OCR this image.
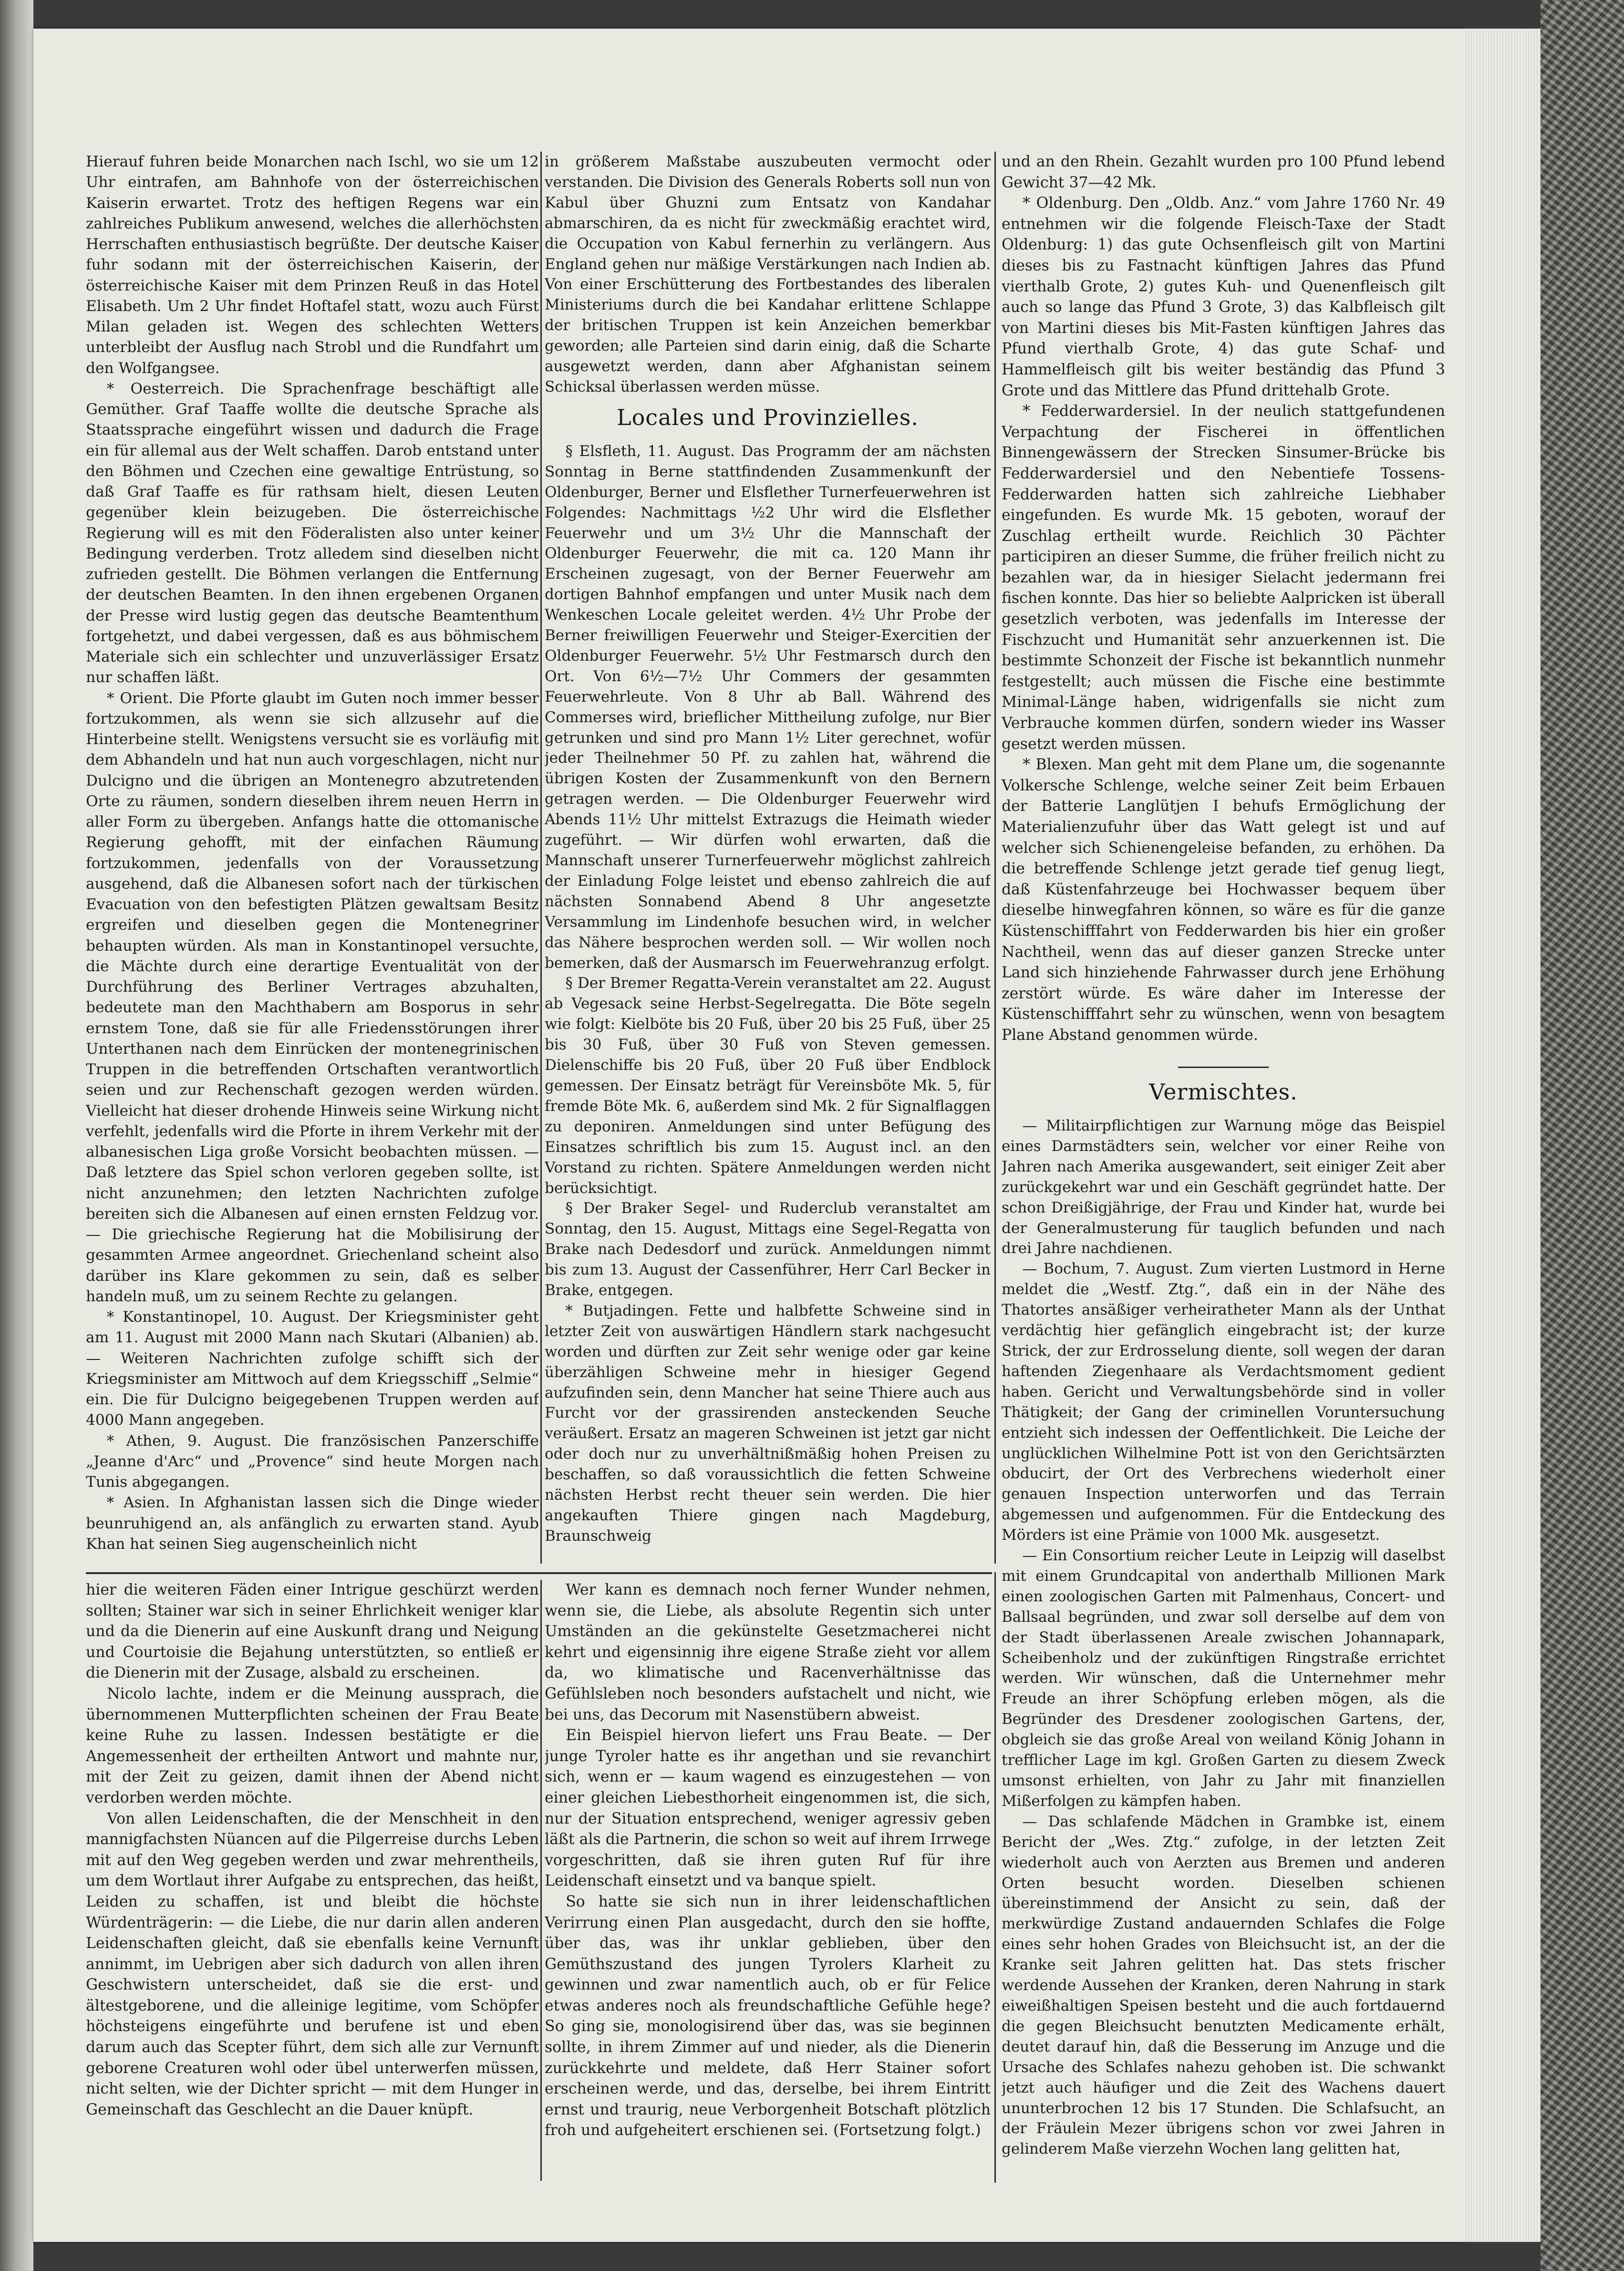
Hierauf fuhren beide Monarchen nach Ischl, wo sie um 12 Uhr eintrafen, am Bahnhofe von der österreichischen Kaiserin erwartet. Trotz des heftigen Regens war ein zahlreiches Publikum anwesend, welches die allerhöchsten Herrschaften enthusiastisch begrüßte. Der deutsche Kaiser fuhr sodann mit der österreichischen Kaiserin, der österreichische Kaiser mit dem Prinzen Reuß in das Hotel Elisabeth. Um 2 Uhr findet Hoftafel statt, wozu auch Fürst Milan geladen ist. Wegen des schlechten Wetters unterbleibt der Ausflug nach Strobl und die Rundfahrt um den Wolfgangsee.

* Oesterreich. Die Sprachenfrage beschäftigt alle Gemüther. Graf Taaffe wollte die deutsche Sprache als Staatssprache eingeführt wissen und dadurch die Frage ein für allemal aus der Welt schaffen. Darob entstand unter den Böhmen und Czechen eine gewaltige Entrüstung, so daß Graf Taaffe es für rathsam hielt, diesen Leuten gegenüber klein beizugeben. Die österreichische Regierung will es mit den Föderalisten also unter keiner Bedingung verderben. Trotz alledem sind dieselben nicht zufrieden gestellt. Die Böhmen verlangen die Entfernung der deutschen Beamten. In den ihnen ergebenen Organen der Presse wird lustig gegen das deutsche Beamtenthum fortgehetzt, und dabei vergessen, daß es aus böhmischem Materiale sich ein schlechter und unzuverlässiger Ersatz nur schaffen läßt.

* Orient. Die Pforte glaubt im Guten noch immer besser fortzukommen, als wenn sie sich allzusehr auf die Hinterbeine stellt. Wenigstens versucht sie es vorläufig mit dem Abhandeln und hat nun auch vorgeschlagen, nicht nur Dulcigno und die übrigen an Montenegro abzutretenden Orte zu räumen, sondern dieselben ihrem neuen Herrn in aller Form zu übergeben. Anfangs hatte die ottomanische Regierung gehofft, mit der einfachen Räumung fortzukommen, jedenfalls von der Voraussetzung ausgehend, daß die Albanesen sofort nach der türkischen Evacuation von den befestigten Plätzen gewaltsam Besitz ergreifen und dieselben gegen die Montenegriner behaupten würden. Als man in Konstantinopel versuchte, die Mächte durch eine derartige Eventualität von der Durchführung des Berliner Vertrages abzuhalten, bedeutete man den Machthabern am Bosporus in sehr ernstem Tone, daß sie für alle Friedensstörungen ihrer Unterthanen nach dem Einrücken der montenegrinischen Truppen in die betreffenden Ortschaften verantwortlich seien und zur Rechenschaft gezogen werden würden. Vielleicht hat dieser drohende Hinweis seine Wirkung nicht verfehlt, jedenfalls wird die Pforte in ihrem Verkehr mit der albanesischen Liga große Vorsicht beobachten müssen. — Daß letztere das Spiel schon verloren gegeben sollte, ist nicht anzunehmen; den letzten Nachrichten zufolge bereiten sich die Albanesen auf einen ernsten Feldzug vor. — Die griechische Regierung hat die Mobilisirung der gesammten Armee angeordnet. Griechenland scheint also darüber ins Klare gekommen zu sein, daß es selber handeln muß, um zu seinem Rechte zu gelangen.

* Konstantinopel, 10. August. Der Kriegsminister geht am 11. August mit 2000 Mann nach Skutari (Albanien) ab. — Weiteren Nachrichten zufolge schifft sich der Kriegsminister am Mittwoch auf dem Kriegsschiff „Selmie“ ein. Die für Dulcigno beigegebenen Truppen werden auf 4000 Mann angegeben.

* Athen, 9. August. Die französischen Panzerschiffe „Jeanne d'Arc“ und „Provence“ sind heute Morgen nach Tunis abgegangen.

* Asien. In Afghanistan lassen sich die Dinge wieder beunruhigend an, als anfänglich zu erwarten stand. Ayub Khan hat seinen Sieg augenscheinlich nicht

in größerem Maßstabe auszubeuten vermocht oder verstanden. Die Division des Generals Roberts soll nun von Kabul über Ghuzni zum Entsatz von Kandahar abmarschiren, da es nicht für zweckmäßig erachtet wird, die Occupation von Kabul fernerhin zu verlängern. Aus England gehen nur mäßige Verstärkungen nach Indien ab. Von einer Erschütterung des Fortbestandes des liberalen Ministeriums durch die bei Kandahar erlittene Schlappe der britischen Truppen ist kein Anzeichen bemerkbar geworden; alle Parteien sind darin einig, daß die Scharte ausgewetzt werden, dann aber Afghanistan seinem Schicksal überlassen werden müsse.

Locales und Provinzielles.

§ Elsfleth, 11. August. Das Programm der am nächsten Sonntag in Berne stattfindenden Zusammenkunft der Oldenburger, Berner und Elsflether Turnerfeuerwehren ist Folgendes: Nachmittags ½2 Uhr wird die Elsflether Feuerwehr und um 3½ Uhr die Mannschaft der Oldenburger Feuerwehr, die mit ca. 120 Mann ihr Erscheinen zugesagt, von der Berner Feuerwehr am dortigen Bahnhof empfangen und unter Musik nach dem Wenkeschen Locale geleitet werden. 4½ Uhr Probe der Berner freiwilligen Feuerwehr und Steiger-Exercitien der Oldenburger Feuerwehr. 5½ Uhr Festmarsch durch den Ort. Von 6½—7½ Uhr Commers der gesammten Feuerwehrleute. Von 8 Uhr ab Ball. Während des Commerses wird, brieflicher Mittheilung zufolge, nur Bier getrunken und sind pro Mann 1½ Liter gerechnet, wofür jeder Theilnehmer 50 Pf. zu zahlen hat, während die übrigen Kosten der Zusammenkunft von den Bernern getragen werden. — Die Oldenburger Feuerwehr wird Abends 11½ Uhr mittelst Extrazugs die Heimath wieder zugeführt. — Wir dürfen wohl erwarten, daß die Mannschaft unserer Turnerfeuerwehr möglichst zahlreich der Einladung Folge leistet und ebenso zahlreich die auf nächsten Sonnabend Abend 8 Uhr angesetzte Versammlung im Lindenhofe besuchen wird, in welcher das Nähere besprochen werden soll. — Wir wollen noch bemerken, daß der Ausmarsch im Feuerwehranzug erfolgt.

§ Der Bremer Regatta-Verein veranstaltet am 22. August ab Vegesack seine Herbst-Segelregatta. Die Böte segeln wie folgt: Kielböte bis 20 Fuß, über 20 bis 25 Fuß, über 25 bis 30 Fuß, über 30 Fuß von Steven gemessen. Dielenschiffe bis 20 Fuß, über 20 Fuß über Endblock gemessen. Der Einsatz beträgt für Vereinsböte Mk. 5, für fremde Böte Mk. 6, außerdem sind Mk. 2 für Signalflaggen zu deponiren. Anmeldungen sind unter Befügung des Einsatzes schriftlich bis zum 15. August incl. an den Vorstand zu richten. Spätere Anmeldungen werden nicht berücksichtigt.

§ Der Braker Segel- und Ruderclub veranstaltet am Sonntag, den 15. August, Mittags eine Segel-Regatta von Brake nach Dedesdorf und zurück. Anmeldungen nimmt bis zum 13. August der Cassenführer, Herr Carl Becker in Brake, entgegen.

* Butjadingen. Fette und halbfette Schweine sind in letzter Zeit von auswärtigen Händlern stark nachgesucht worden und dürften zur Zeit sehr wenige oder gar keine überzähligen Schweine mehr in hiesiger Gegend aufzufinden sein, denn Mancher hat seine Thiere auch aus Furcht vor der grassirenden ansteckenden Seuche veräußert. Ersatz an mageren Schweinen ist jetzt gar nicht oder doch nur zu unverhältnißmäßig hohen Preisen zu beschaffen, so daß voraussichtlich die fetten Schweine nächsten Herbst recht theuer sein werden. Die hier angekauften Thiere gingen nach Magdeburg, Braunschweig

und an den Rhein. Gezahlt wurden pro 100 Pfund lebend Gewicht 37—42 Mk.

* Oldenburg. Den „Oldb. Anz.“ vom Jahre 1760 Nr. 49 entnehmen wir die folgende Fleisch-Taxe der Stadt Oldenburg: 1) das gute Ochsenfleisch gilt von Martini dieses bis zu Fastnacht künftigen Jahres das Pfund vierthalb Grote, 2) gutes Kuh- und Quenenfleisch gilt auch so lange das Pfund 3 Grote, 3) das Kalbfleisch gilt von Martini dieses bis Mit-Fasten künftigen Jahres das Pfund vierthalb Grote, 4) das gute Schaf- und Hammelfleisch gilt bis weiter beständig das Pfund 3 Grote und das Mittlere das Pfund drittehalb Grote.

* Fedderwardersiel. In der neulich stattgefundenen Verpachtung der Fischerei in öffentlichen Binnengewässern der Strecken Sinsumer-Brücke bis Fedderwardersiel und den Nebentiefe Tossens-Fedderwarden hatten sich zahlreiche Liebhaber eingefunden. Es wurde Mk. 15 geboten, worauf der Zuschlag ertheilt wurde. Reichlich 30 Pächter participiren an dieser Summe, die früher freilich nicht zu bezahlen war, da in hiesiger Sielacht jedermann frei fischen konnte. Das hier so beliebte Aalpricken ist überall gesetzlich verboten, was jedenfalls im Interesse der Fischzucht und Humanität sehr anzuerkennen ist. Die bestimmte Schonzeit der Fische ist bekanntlich nunmehr festgestellt; auch müssen die Fische eine bestimmte Minimal-Länge haben, widrigenfalls sie nicht zum Verbrauche kommen dürfen, sondern wieder ins Wasser gesetzt werden müssen.

* Blexen. Man geht mit dem Plane um, die sogenannte Volkersche Schlenge, welche seiner Zeit beim Erbauen der Batterie Langlütjen I behufs Ermöglichung der Materialienzufuhr über das Watt gelegt ist und auf welcher sich Schienengeleise befanden, zu erhöhen. Da die betreffende Schlenge jetzt gerade tief genug liegt, daß Küstenfahrzeuge bei Hochwasser bequem über dieselbe hinwegfahren können, so wäre es für die ganze Küstenschifffahrt von Fedderwarden bis hier ein großer Nachtheil, wenn das auf dieser ganzen Strecke unter Land sich hinziehende Fahrwasser durch jene Erhöhung zerstört würde. Es wäre daher im Interesse der Küstenschifffahrt sehr zu wünschen, wenn von besagtem Plane Abstand genommen würde.

Vermischtes.

— Militairpflichtigen zur Warnung möge das Beispiel eines Darmstädters sein, welcher vor einer Reihe von Jahren nach Amerika ausgewandert, seit einiger Zeit aber zurückgekehrt war und ein Geschäft gegründet hatte. Der schon Dreißigjährige, der Frau und Kinder hat, wurde bei der Generalmusterung für tauglich befunden und nach drei Jahre nachdienen.

— Bochum, 7. August. Zum vierten Lustmord in Herne meldet die „Westf. Ztg.“, daß ein in der Nähe des Thatortes ansäßiger verheiratheter Mann als der Unthat verdächtig hier gefänglich eingebracht ist; der kurze Strick, der zur Erdrosselung diente, soll wegen der daran haftenden Ziegenhaare als Verdachtsmoment gedient haben. Gericht und Verwaltungsbehörde sind in voller Thätigkeit; der Gang der criminellen Voruntersuchung entzieht sich indessen der Oeffentlichkeit. Die Leiche der unglücklichen Wilhelmine Pott ist von den Gerichtsärzten obducirt, der Ort des Verbrechens wiederholt einer genauen Inspection unterworfen und das Terrain abgemessen und aufgenommen. Für die Entdeckung des Mörders ist eine Prämie von 1000 Mk. ausgesetzt.

— Ein Consortium reicher Leute in Leipzig will daselbst mit einem Grundcapital von anderthalb Millionen Mark einen zoologischen Garten mit Palmenhaus, Concert- und Ballsaal begründen, und zwar soll derselbe auf dem von der Stadt überlassenen Areale zwischen Johannapark, Scheibenholz und der zukünftigen Ringstraße errichtet werden. Wir wünschen, daß die Unternehmer mehr Freude an ihrer Schöpfung erleben mögen, als die Begründer des Dresdener zoologischen Gartens, der, obgleich sie das große Areal von weiland König Johann in trefflicher Lage im kgl. Großen Garten zu diesem Zweck umsonst erhielten, von Jahr zu Jahr mit finanziellen Mißerfolgen zu kämpfen haben.

— Das schlafende Mädchen in Grambke ist, einem Bericht der „Wes. Ztg.“ zufolge, in der letzten Zeit wiederholt auch von Aerzten aus Bremen und anderen Orten besucht worden. Dieselben schienen übereinstimmend der Ansicht zu sein, daß der merkwürdige Zustand andauernden Schlafes die Folge eines sehr hohen Grades von Bleichsucht ist, an der die Kranke seit Jahren gelitten hat. Das stets frischer werdende Aussehen der Kranken, deren Nahrung in stark eiweißhaltigen Speisen besteht und die auch fortdauernd die gegen Bleichsucht benutzten Medicamente erhält, deutet darauf hin, daß die Besserung im Anzuge und die Ursache des Schlafes nahezu gehoben ist. Die schwankt jetzt auch häufiger und die Zeit des Wachens dauert ununterbrochen 12 bis 17 Stunden. Die Schlafsucht, an der Fräulein Mezer übrigens schon vor zwei Jahren in gelinderem Maße vierzehn Wochen lang gelitten hat,

hier die weiteren Fäden einer Intrigue geschürzt werden sollten; Stainer war sich in seiner Ehrlichkeit weniger klar und da die Dienerin auf eine Auskunft drang und Neigung und Courtoisie die Bejahung unterstützten, so entließ er die Dienerin mit der Zusage, alsbald zu erscheinen.

Nicolo lachte, indem er die Meinung aussprach, die übernommenen Mutterpflichten scheinen der Frau Beate keine Ruhe zu lassen. Indessen bestätigte er die Angemessenheit der ertheilten Antwort und mahnte nur, mit der Zeit zu geizen, damit ihnen der Abend nicht verdorben werden möchte.

Von allen Leidenschaften, die der Menschheit in den mannigfachsten Nüancen auf die Pilgerreise durchs Leben mit auf den Weg gegeben werden und zwar mehrentheils, um dem Wortlaut ihrer Aufgabe zu entsprechen, das heißt, Leiden zu schaffen, ist und bleibt die höchste Würdenträgerin: — die Liebe, die nur darin allen anderen Leidenschaften gleicht, daß sie ebenfalls keine Vernunft annimmt, im Uebrigen aber sich dadurch von allen ihren Geschwistern unterscheidet, daß sie die erst- und ältestgeborene, und die alleinige legitime, vom Schöpfer höchsteigens eingeführte und berufene ist und eben darum auch das Scepter führt, dem sich alle zur Vernunft geborene Creaturen wohl oder übel unterwerfen müssen, nicht selten, wie der Dichter spricht — mit dem Hunger in Gemeinschaft das Geschlecht an die Dauer knüpft.

Wer kann es demnach noch ferner Wunder nehmen, wenn sie, die Liebe, als absolute Regentin sich unter Umständen an die gekünstelte Gesetzmacherei nicht kehrt und eigensinnig ihre eigene Straße zieht vor allem da, wo klimatische und Racenverhältnisse das Gefühlsleben noch besonders aufstachelt und nicht, wie bei uns, das Decorum mit Nasenstübern abweist.

Ein Beispiel hiervon liefert uns Frau Beate. — Der junge Tyroler hatte es ihr angethan und sie revanchirt sich, wenn er — kaum wagend es einzugestehen — von einer gleichen Liebesthorheit eingenommen ist, die sich, nur der Situation entsprechend, weniger agressiv geben läßt als die Partnerin, die schon so weit auf ihrem Irrwege vorgeschritten, daß sie ihren guten Ruf für ihre Leidenschaft einsetzt und va banque spielt.

So hatte sie sich nun in ihrer leidenschaftlichen Verirrung einen Plan ausgedacht, durch den sie hoffte, über das, was ihr unklar geblieben, über den Gemüthszustand des jungen Tyrolers Klarheit zu gewinnen und zwar namentlich auch, ob er für Felice etwas anderes noch als freundschaftliche Gefühle hege? So ging sie, monologisirend über das, was sie beginnen sollte, in ihrem Zimmer auf und nieder, als die Dienerin zurückkehrte und meldete, daß Herr Stainer sofort erscheinen werde, und das, derselbe, bei ihrem Eintritt ernst und traurig, neue Verborgenheit Botschaft plötzlich froh und aufgeheitert erschienen sei. (Fortsetzung folgt.)
